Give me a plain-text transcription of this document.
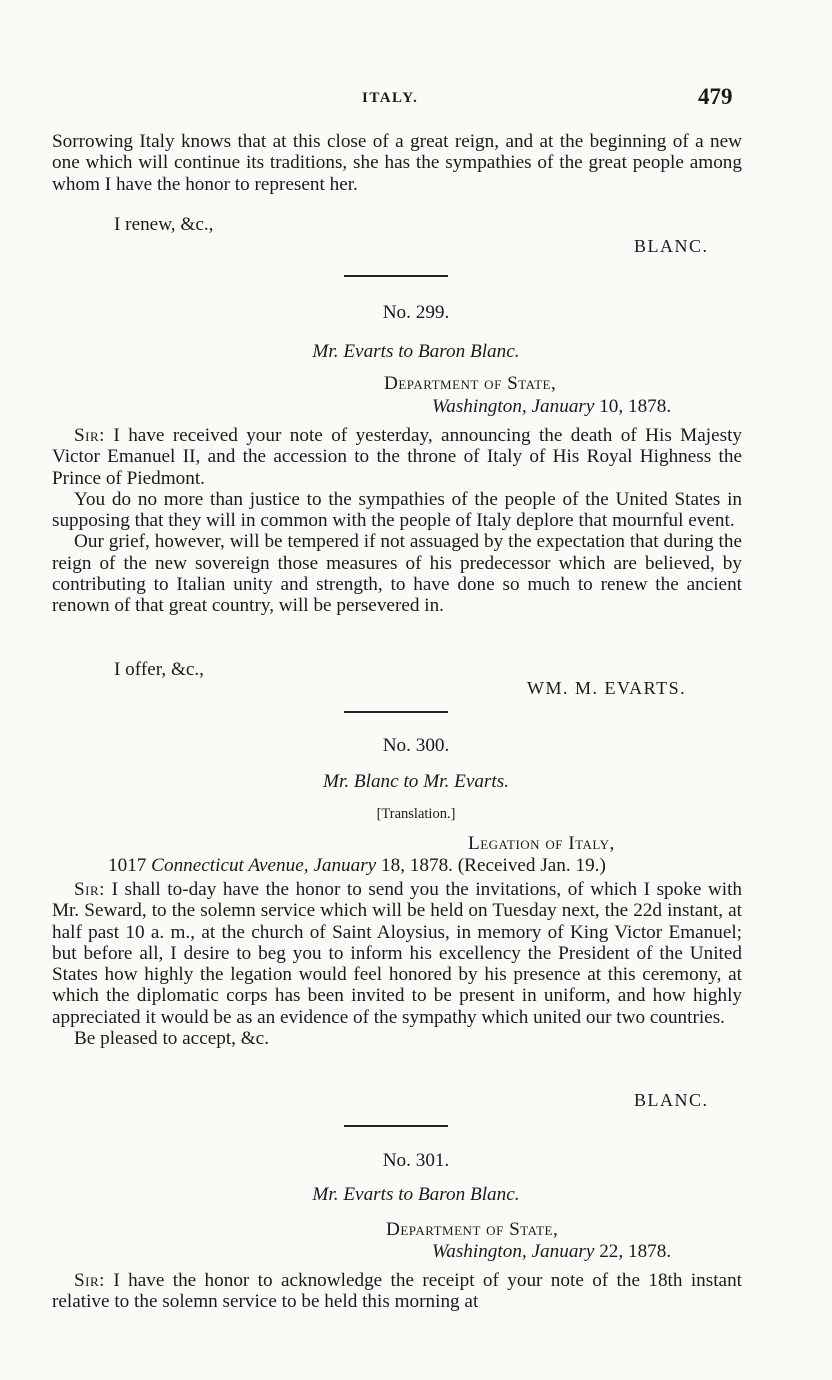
ITALY.	479

Sorrowing Italy knows that at this close of a great reign, and at the beginning of a new one which will continue its traditions, she has the sympathies of the great people among whom I have the honor to represent her.

I renew, &c.,
BLANC.
No. 299.
Mr. Evarts to Baron Blanc.
Department of State,
Washington, January 10, 1878.

Sir: I have received your note of yesterday, announcing the death of His Majesty Victor Emanuel II, and the accession to the throne of Italy of His Royal Highness the Prince of Piedmont.

You do no more than justice to the sympathies of the people of the United States in supposing that they will in common with the people of Italy deplore that mournful event.

Our grief, however, will be tempered if not assuaged by the expectation that during the reign of the new sovereign those measures of his predecessor which are believed, by contributing to Italian unity and strength, to have done so much to renew the ancient renown of that great country, will be persevered in.

I offer, &c.,
WM. M. EVARTS.
No. 300.
Mr. Blanc to Mr. Evarts.
[Translation.]
Legation of Italy,
1017 Connecticut Avenue, January 18, 1878. (Received Jan. 19.)

Sir: I shall to-day have the honor to send you the invitations, of which I spoke with Mr. Seward, to the solemn service which will be held on Tuesday next, the 22d instant, at half past 10 a. m., at the church of Saint Aloysius, in memory of King Victor Emanuel; but before all, I desire to beg you to inform his excellency the President of the United States how highly the legation would feel honored by his presence at this ceremony, at which the diplomatic corps has been invited to be present in uniform, and how highly appreciated it would be as an evidence of the sympathy which united our two countries.

Be pleased to accept, &c.

BLANC.
No. 301.
Mr. Evarts to Baron Blanc.
Department of State,
Washington, January 22, 1878.

Sir: I have the honor to acknowledge the receipt of your note of the 18th instant relative to the solemn service to be held this morning at
